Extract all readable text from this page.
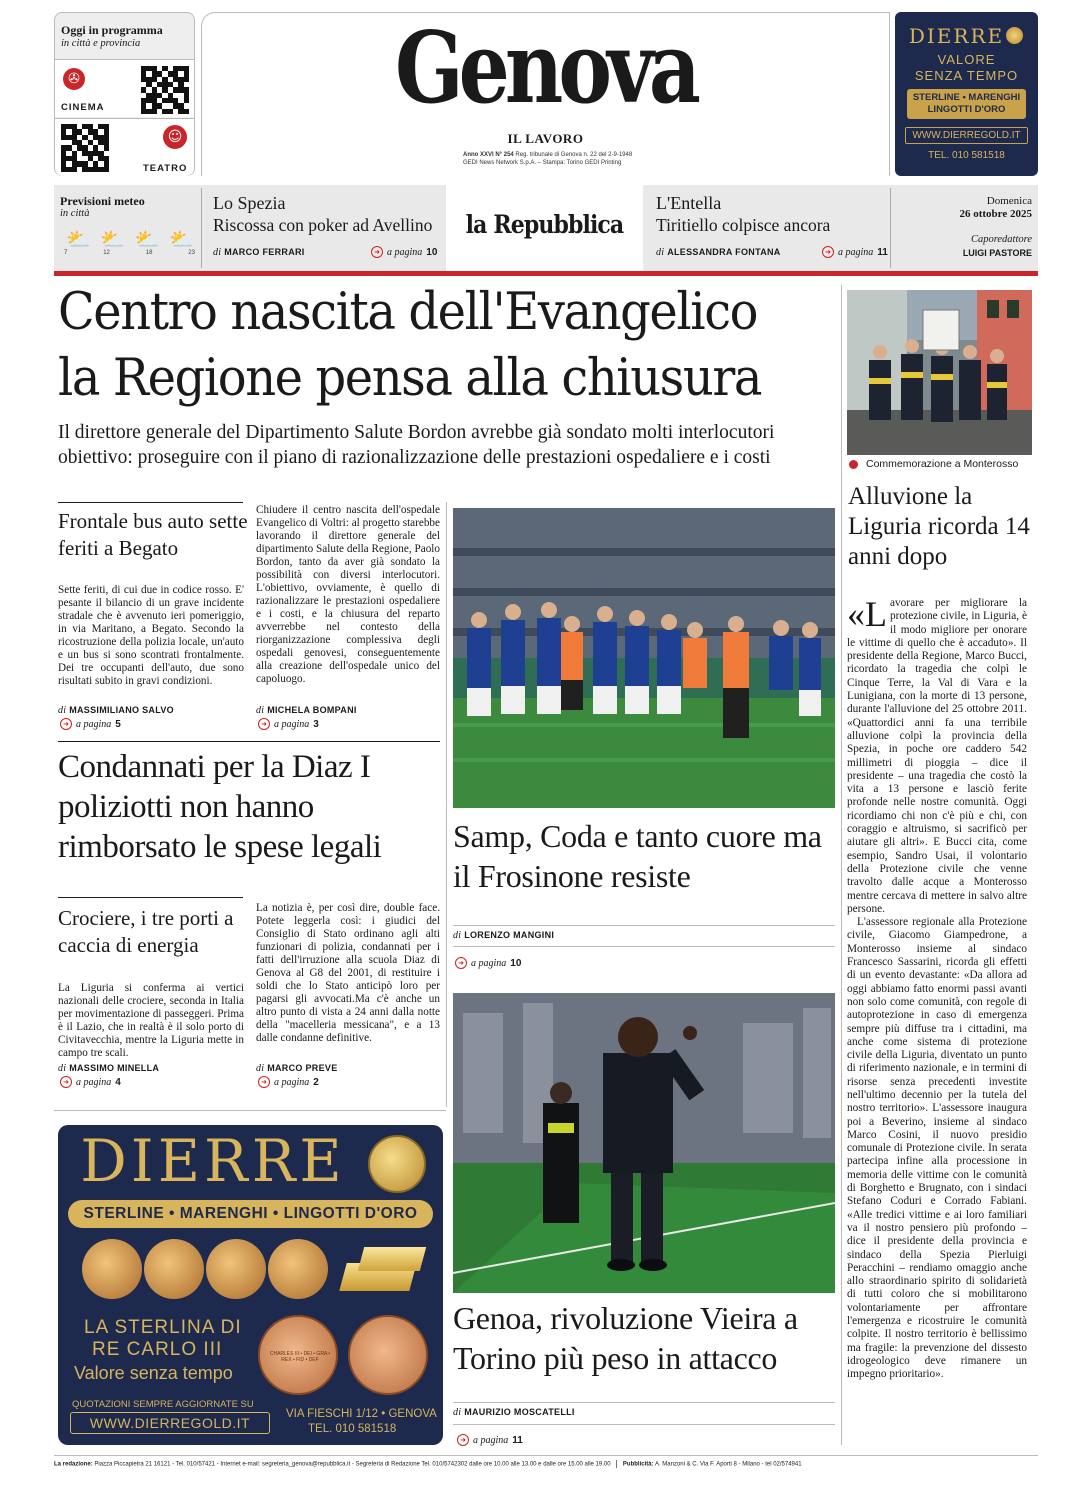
Oggi in programma
in città e provincia
✇
CINEMA
☺
TEATRO
Genova
IL LAVORO
Anno XXVI N° 254 Reg. tribunale di Genova n. 22 del 2-9-1948
GEDI News Network S.p.A. – Stampa: Torino GEDI Printing
DIERRE
VALORE
SENZA TEMPO
STERLINE • MARENGHI
LINGOTTI D'ORO
WWW.DIERREGOLD.IT
TEL. 010 581518
Previsioni meteo
in città
⛅ ⛅ ⛅ ⛅
7	12	18	23
Lo Spezia
Riscossa con poker ad Avellino
di MARCO FERRARI	➜ a pagina 10
la Repubblica
L'Entella
Tiritiello colpisce ancora
di ALESSANDRA FONTANA	➜ a pagina 11
Domenica
26 ottobre 2025
Caporedattore
LUIGI PASTORE
Centro nascita dell'Evangelico
la Regione pensa alla chiusura
Il direttore generale del Dipartimento Salute Bordon avrebbe già sondato molti interlocutori obiettivo: proseguire con il piano di razionalizzazione delle prestazioni ospedaliere e i costi
Frontale bus auto sette feriti a Begato
Sette feriti, di cui due in codice rosso. E' pesante il bilancio di un grave incidente stradale che è avvenuto ieri pomeriggio, in via Maritano, a Begato. Secondo la ricostruzione della polizia locale, un'auto e un bus si sono scontrati frontalmente. Dei tre occupanti dell'auto, due sono risultati subito in gravi condizioni.
di MASSIMILIANO SALVO
➜ a pagina 5
Chiudere il centro nascita dell'ospedale Evangelico di Voltri: al progetto starebbe lavorando il direttore generale del dipartimento Salute della Regione, Paolo Bordon, tanto da aver già sondato la possibilità con diversi interlocutori. L'obiettivo, ovviamente, è quello di razionalizzare le prestazioni ospedaliere e i costi, e la chiusura del reparto avverrebbe nel contesto della riorganizzazione complessiva degli ospedali genovesi, conseguentemente alla creazione dell'ospedale unico del capoluogo.
di MICHELA BOMPANI
➜ a pagina 3
Condannati per la Diaz I poliziotti non hanno rimborsato le spese legali
Crociere, i tre porti a caccia di energia
La Liguria si conferma ai vertici nazionali delle crociere, seconda in Italia per movimentazione di passeggeri. Prima è il Lazio, che in realtà è il solo porto di Civitavecchia, mentre la Liguria mette in campo tre scali.
di MASSIMO MINELLA
➜ a pagina 4
La notizia è, per così dire, double face. Potete leggerla così: i giudici del Consiglio di Stato ordinano agli alti funzionari di polizia, condannati per i fatti dell'irruzione alla scuola Diaz di Genova al G8 del 2001, di restituire i soldi che lo Stato anticipò loro per pagarsi gli avvocati.Ma c'è anche un altro punto di vista a 24 anni dalla notte della "macelleria messicana", e a 13 dalle condanne definitive.
di MARCO PREVE
➜ a pagina 2
DIERRE
STERLINE • MARENGHI • LINGOTTI D'ORO
LA STERLINA DI
RE CARLO III
Valore senza tempo
CHARLES III • DEI • GRA • REX • FID • DEF
QUOTAZIONI SEMPRE AGGIORNATE SU
WWW.DIERREGOLD.IT
VIA FIESCHI 1/12 • GENOVA
TEL. 010 581518
Samp, Coda e tanto cuore ma il Frosinone resiste
di LORENZO MANGINI
➜ a pagina 10
Genoa, rivoluzione Vieira a Torino più peso in attacco
di MAURIZIO MOSCATELLI
➜ a pagina 11
Commemorazione a Monterosso
Alluvione la Liguria ricorda 14 anni dopo
«Lavorare per migliorare la protezione civile, in Liguria, è il modo migliore per onorare le vittime di quello che è accaduto». Il presidente della Regione, Marco Bucci, ricordato la tragedia che colpì le Cinque Terre, la Val di Vara e la Lunigiana, con la morte di 13 persone, durante l'alluvione del 25 ottobre 2011. «Quattordici anni fa una terribile alluvione colpì la provincia della Spezia, in poche ore caddero 542 millimetri di pioggia – dice il presidente – una tragedia che costò la vita a 13 persone e lasciò ferite profonde nelle nostre comunità. Oggi ricordiamo chi non c'è più e chi, con coraggio e altruismo, si sacrificò per aiutare gli altri». E Bucci cita, come esempio, Sandro Usai, il volontario della Protezione civile che venne travolto dalle acque a Monterosso mentre cercava di mettere in salvo altre persone.
L'assessore regionale alla Protezione civile, Giacomo Giampedrone, a Monterosso insieme al sindaco Francesco Sassarini, ricorda gli effetti di un evento devastante: «Da allora ad oggi abbiamo fatto enormi passi avanti non solo come comunità, con regole di autoprotezione in caso di emergenza sempre più diffuse tra i cittadini, ma anche come sistema di protezione civile della Liguria, diventato un punto di riferimento nazionale, e in termini di risorse senza precedenti investite nell'ultimo decennio per la tutela del nostro territorio». L'assessore inaugura poi a Beverino, insieme al sindaco Marco Cosini, il nuovo presidio comunale di Protezione civile. In serata partecipa infine alla processione in memoria delle vittime con le comunità di Borghetto e Brugnato, con i sindaci Stefano Coduri e Corrado Fabiani. «Alle tredici vittime e ai loro familiari va il nostro pensiero più profondo – dice il presidente della provincia e sindaco della Spezia Pierluigi Peracchini – rendiamo omaggio anche allo straordinario spirito di solidarietà di tutti coloro che si mobilitarono volontariamente per affrontare l'emergenza e ricostruire le comunità colpite. Il nostro territorio è bellissimo ma fragile: la prevenzione del dissesto idrogeologico deve rimanere un impegno prioritario».
La redazione: Piazza Piccapietra 21 16121 - Tel. 010/57421 - Internet e-mail: segreteria_genova@repubblica.it - Segreteria di Redazione Tel. 010/5742302 dalle ore 10.00 alle 13.00 e dalle ore 15.00 alle 19.00 Pubblicità: A. Manzoni & C. Via F. Aporti 8 - Milano - tel 02/574941
